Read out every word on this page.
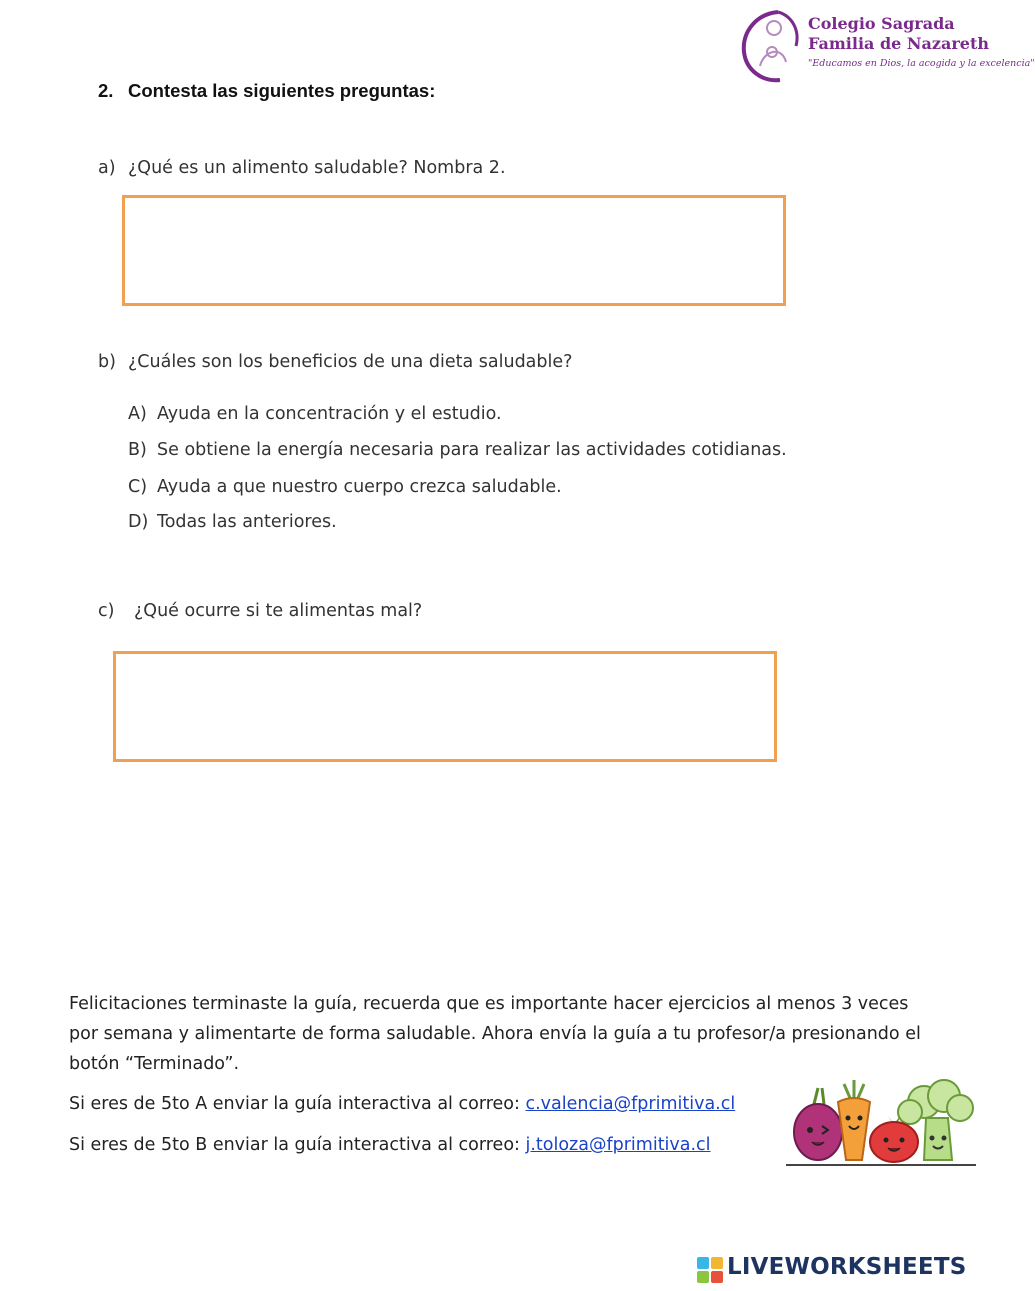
Colegio Sagrada
Familia de Nazareth
"Educamos en Dios, la acogida y la excelencia"
2. Contesta las siguientes preguntas:
a) ¿Qué es un alimento saludable? Nombra 2.
b) ¿Cuáles son los beneficios de una dieta saludable?
A) Ayuda en la concentración y el estudio.
B) Se obtiene la energía necesaria para realizar las actividades cotidianas.
C) Ayuda a que nuestro cuerpo crezca saludable.
D) Todas las anteriores.
c) ¿Qué ocurre si te alimentas mal?
Felicitaciones terminaste la guía, recuerda que es importante hacer ejercicios al menos 3 veces por semana y alimentarte de forma saludable. Ahora envía la guía a tu profesor/a presionando el botón “Terminado”.
Si eres de 5to A enviar la guía interactiva al correo: c.valencia@fprimitiva.cl
Si eres de 5to B enviar la guía interactiva al correo: j.toloza@fprimitiva.cl
LIVEWORKSHEETS
